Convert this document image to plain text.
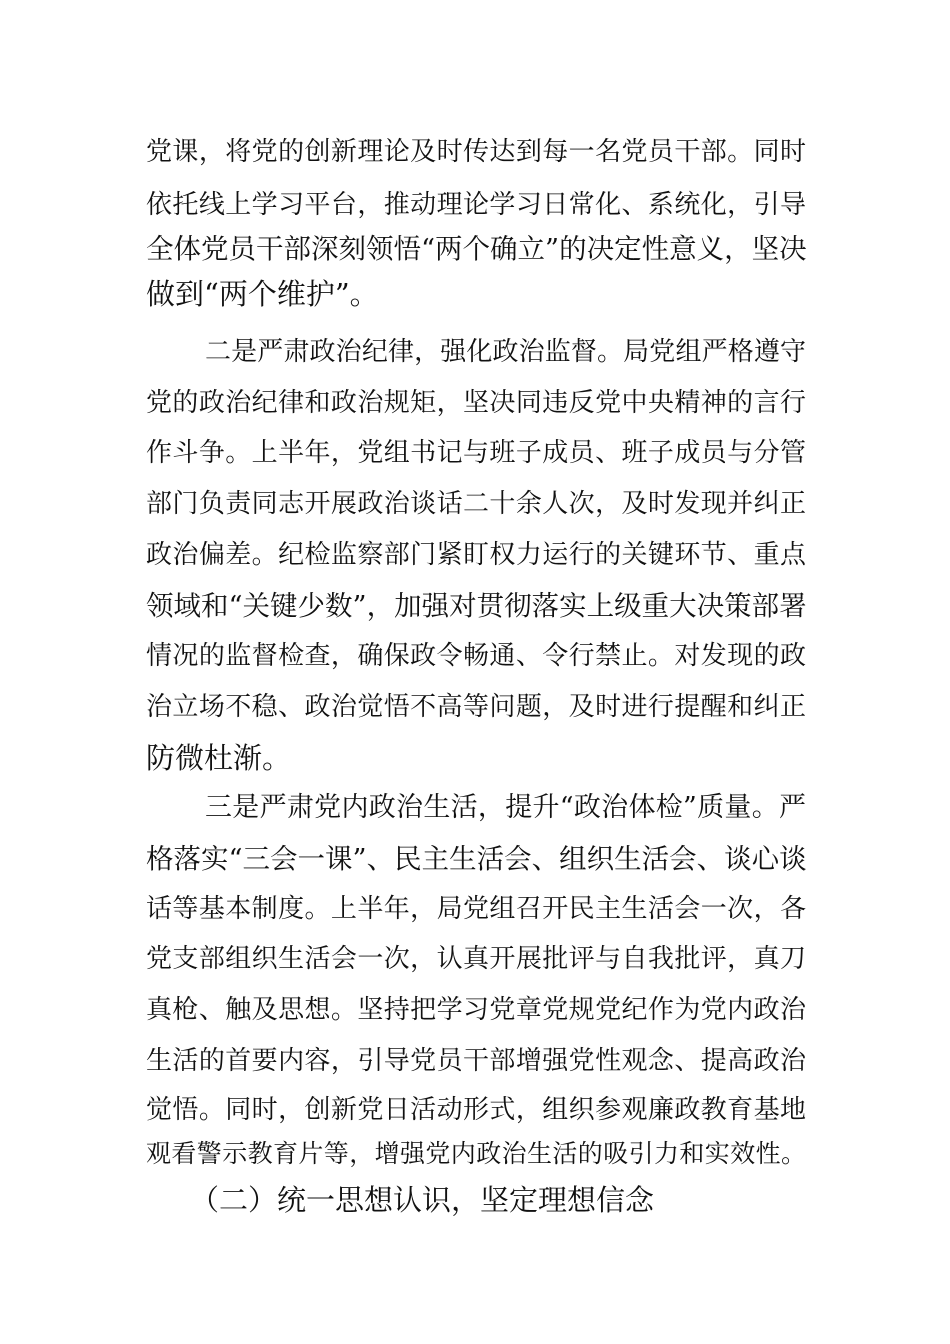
党课，将党的创新理论及时传达到每一名党员干部。同时
依托线上学习平台，推动理论学习日常化、系统化，引导
全体党员干部深刻领悟“两个确立”的决定性意义，坚决
做到“两个维护”。
二是严肃政治纪律，强化政治监督。局党组严格遵守
党的政治纪律和政治规矩，坚决同违反党中央精神的言行
作斗争。上半年，党组书记与班子成员、班子成员与分管
部门负责同志开展政治谈话二十余人次，及时发现并纠正
政治偏差。纪检监察部门紧盯权力运行的关键环节、重点
领域和“关键少数”，加强对贯彻落实上级重大决策部署
情况的监督检查，确保政令畅通、令行禁止。对发现的政
治立场不稳、政治觉悟不高等问题，及时进行提醒和纠正
防微杜渐。
三是严肃党内政治生活，提升“政治体检”质量。严
格落实“三会一课”、民主生活会、组织生活会、谈心谈
话等基本制度。上半年，局党组召开民主生活会一次，各
党支部组织生活会一次，认真开展批评与自我批评，真刀
真枪、触及思想。坚持把学习党章党规党纪作为党内政治
生活的首要内容，引导党员干部增强党性观念、提高政治
觉悟。同时，创新党日活动形式，组织参观廉政教育基地
观看警示教育片等，增强党内政治生活的吸引力和实效性。
（二）统一思想认识，坚定理想信念
